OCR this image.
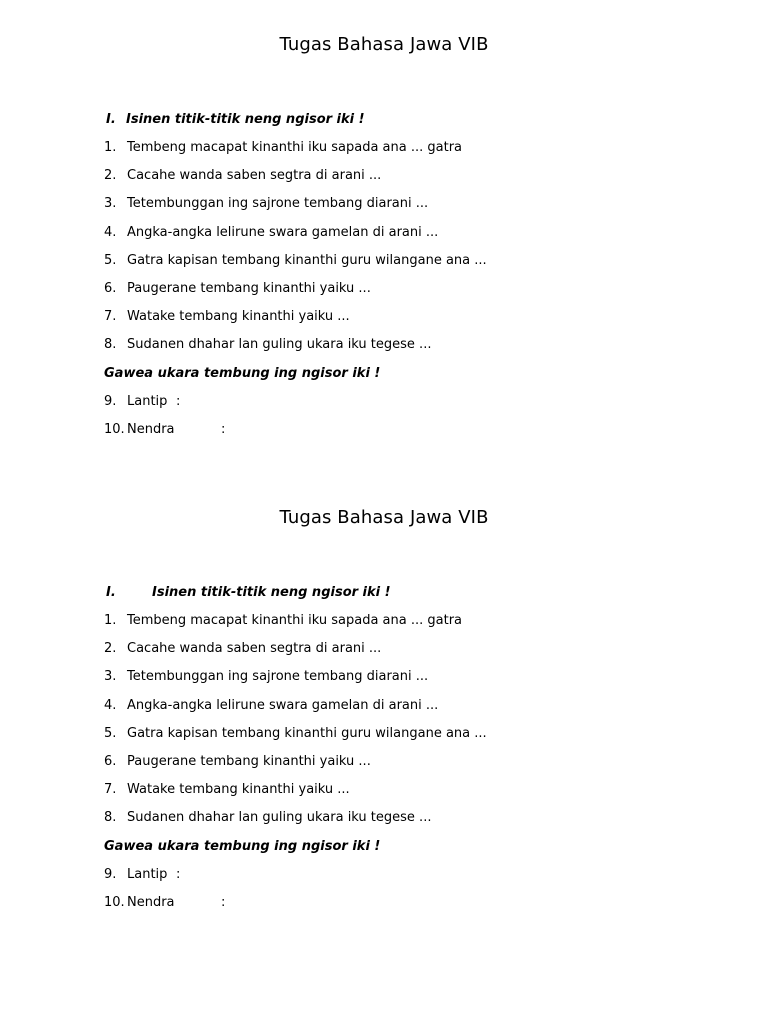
Tugas Bahasa Jawa VIB
I. Isinen titik-titik neng ngisor iki !
1. Tembeng macapat kinanthi iku sapada ana ... gatra
2. Cacahe wanda saben segtra di arani ...
3. Tetembunggan ing sajrone tembang diarani ...
4. Angka-angka lelirune swara gamelan di arani ...
5. Gatra kapisan tembang kinanthi guru wilangane ana ...
6. Paugerane tembang kinanthi yaiku ...
7. Watake tembang kinanthi yaiku ...
8. Sudanen dhahar lan guling ukara iku tegese ...
Gawea ukara tembung ing ngisor iki !
9. Lantip :
10. Nendra	:
Tugas Bahasa Jawa VIB
I.	Isinen titik-titik neng ngisor iki !
1. Tembeng macapat kinanthi iku sapada ana ... gatra
2. Cacahe wanda saben segtra di arani ...
3. Tetembunggan ing sajrone tembang diarani ...
4. Angka-angka lelirune swara gamelan di arani ...
5. Gatra kapisan tembang kinanthi guru wilangane ana ...
6. Paugerane tembang kinanthi yaiku ...
7. Watake tembang kinanthi yaiku ...
8. Sudanen dhahar lan guling ukara iku tegese ...
Gawea ukara tembung ing ngisor iki !
9. Lantip :
10. Nendra	:
